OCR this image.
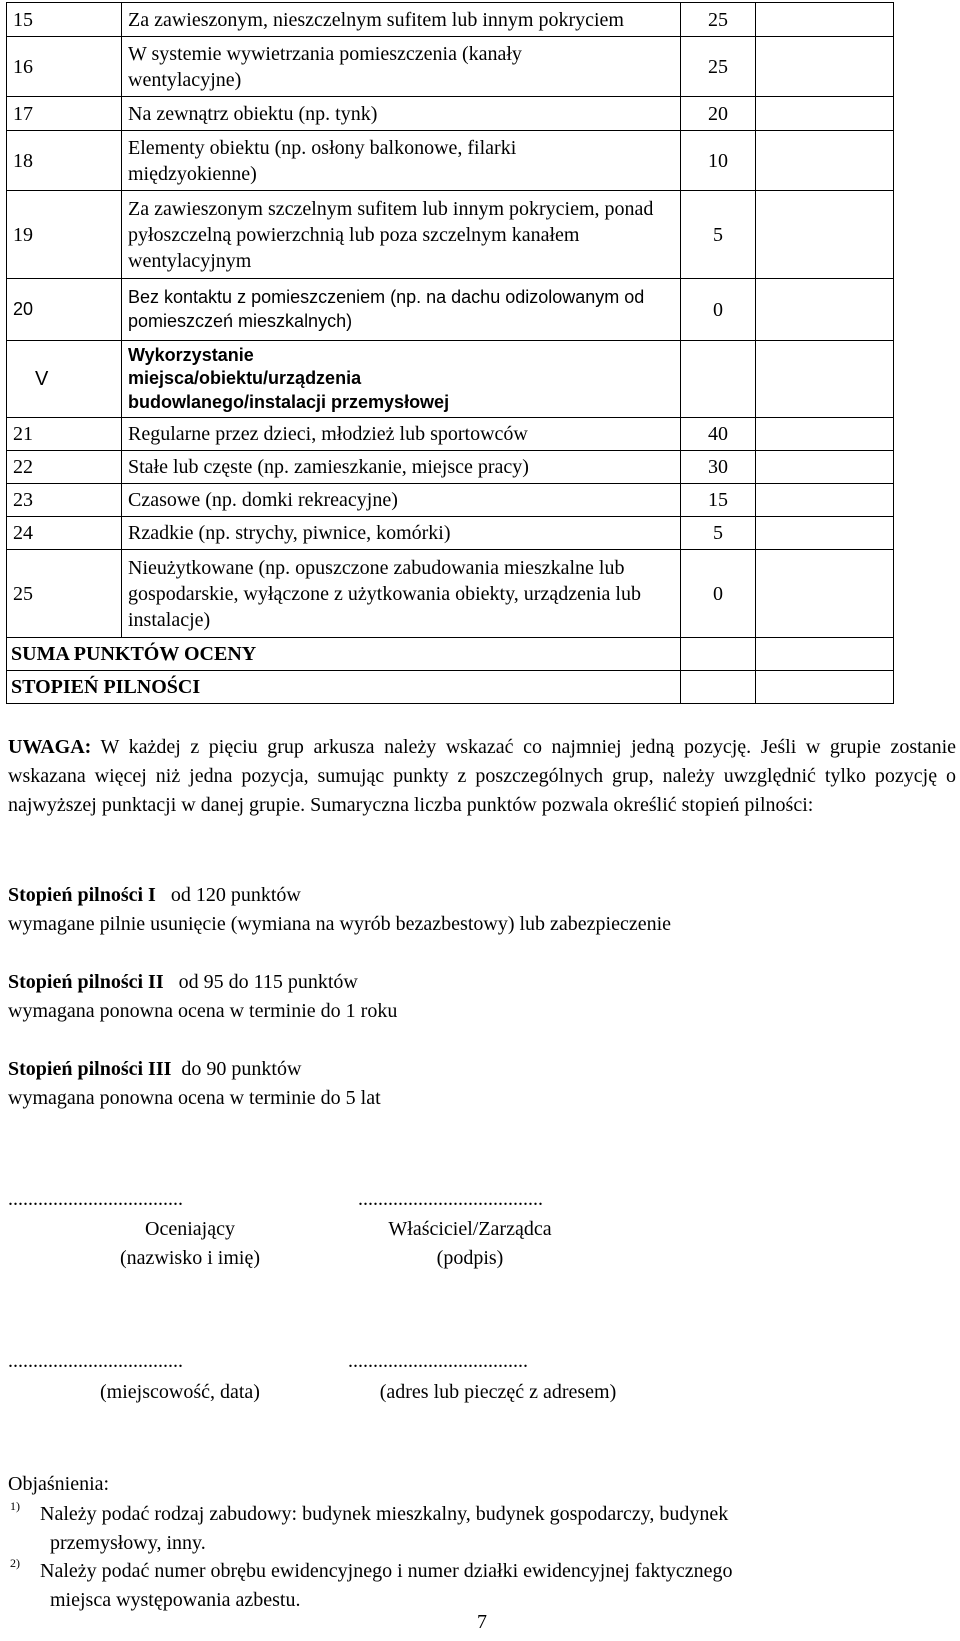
15	Za zawieszonym, nieszczelnym sufitem lub innym pokryciem	25	
16	W systemie wywietrzania pomieszczenia (kanały wentylacyjne)	25	
17	Na zewnątrz obiektu (np. tynk)	20	
18	Elementy obiektu (np. osłony balkonowe, filarki międzyokienne)	10	
19	Za zawieszonym szczelnym sufitem lub innym pokryciem, ponad pyłoszczelną powierzchnią lub poza szczelnym kanałem wentylacyjnym	5	
20	Bez kontaktu z pomieszczeniem (np. na dachu odizolowanym od pomieszczeń mieszkalnych)	0	
V	Wykorzystanie miejsca/obiektu/urządzenia budowlanego/instalacji przemysłowej		
21	Regularne przez dzieci, młodzież lub sportowców	40	
22	Stałe lub częste (np. zamieszkanie, miejsce pracy)	30	
23	Czasowe (np. domki rekreacyjne)	15	
24	Rzadkie (np. strychy, piwnice, komórki)	5	
25	Nieużytkowane (np. opuszczone zabudowania mieszkalne lub gospodarskie, wyłączone z użytkowania obiekty, urządzenia lub instalacje)	0	
SUMA PUNKTÓW OCENY			
STOPIEŃ PILNOŚCI			
UWAGA: W każdej z pięciu grup arkusza należy wskazać co najmniej jedną pozycję. Jeśli w grupie zostanie wskazana więcej niż jedna pozycja, sumując punkty z poszczególnych grup, należy uwzględnić tylko pozycję o najwyższej punktacji w danej grupie. Sumaryczna liczba punktów pozwala określić stopień pilności:
Stopień pilności I od 120 punktów
wymagane pilnie usunięcie (wymiana na wyrób bezazbestowy) lub zabezpieczenie
Stopień pilności II od 95 do 115 punktów
wymagana ponowna ocena w terminie do 1 roku
Stopień pilności III do 90 punktów
wymagana ponowna ocena w terminie do 5 lat
...................................	.....................................
Oceniający
(nazwisko i imię)
Właściciel/Zarządca
(podpis)
...................................	....................................
(miejscowość, data)	(adres lub pieczęć z adresem)
Objaśnienia:
1)	Należy podać rodzaj zabudowy: budynek mieszkalny, budynek gospodarczy, budynek
przemysłowy, inny.
2)	Należy podać numer obrębu ewidencyjnego i numer działki ewidencyjnej faktycznego
miejsca występowania azbestu.
7
